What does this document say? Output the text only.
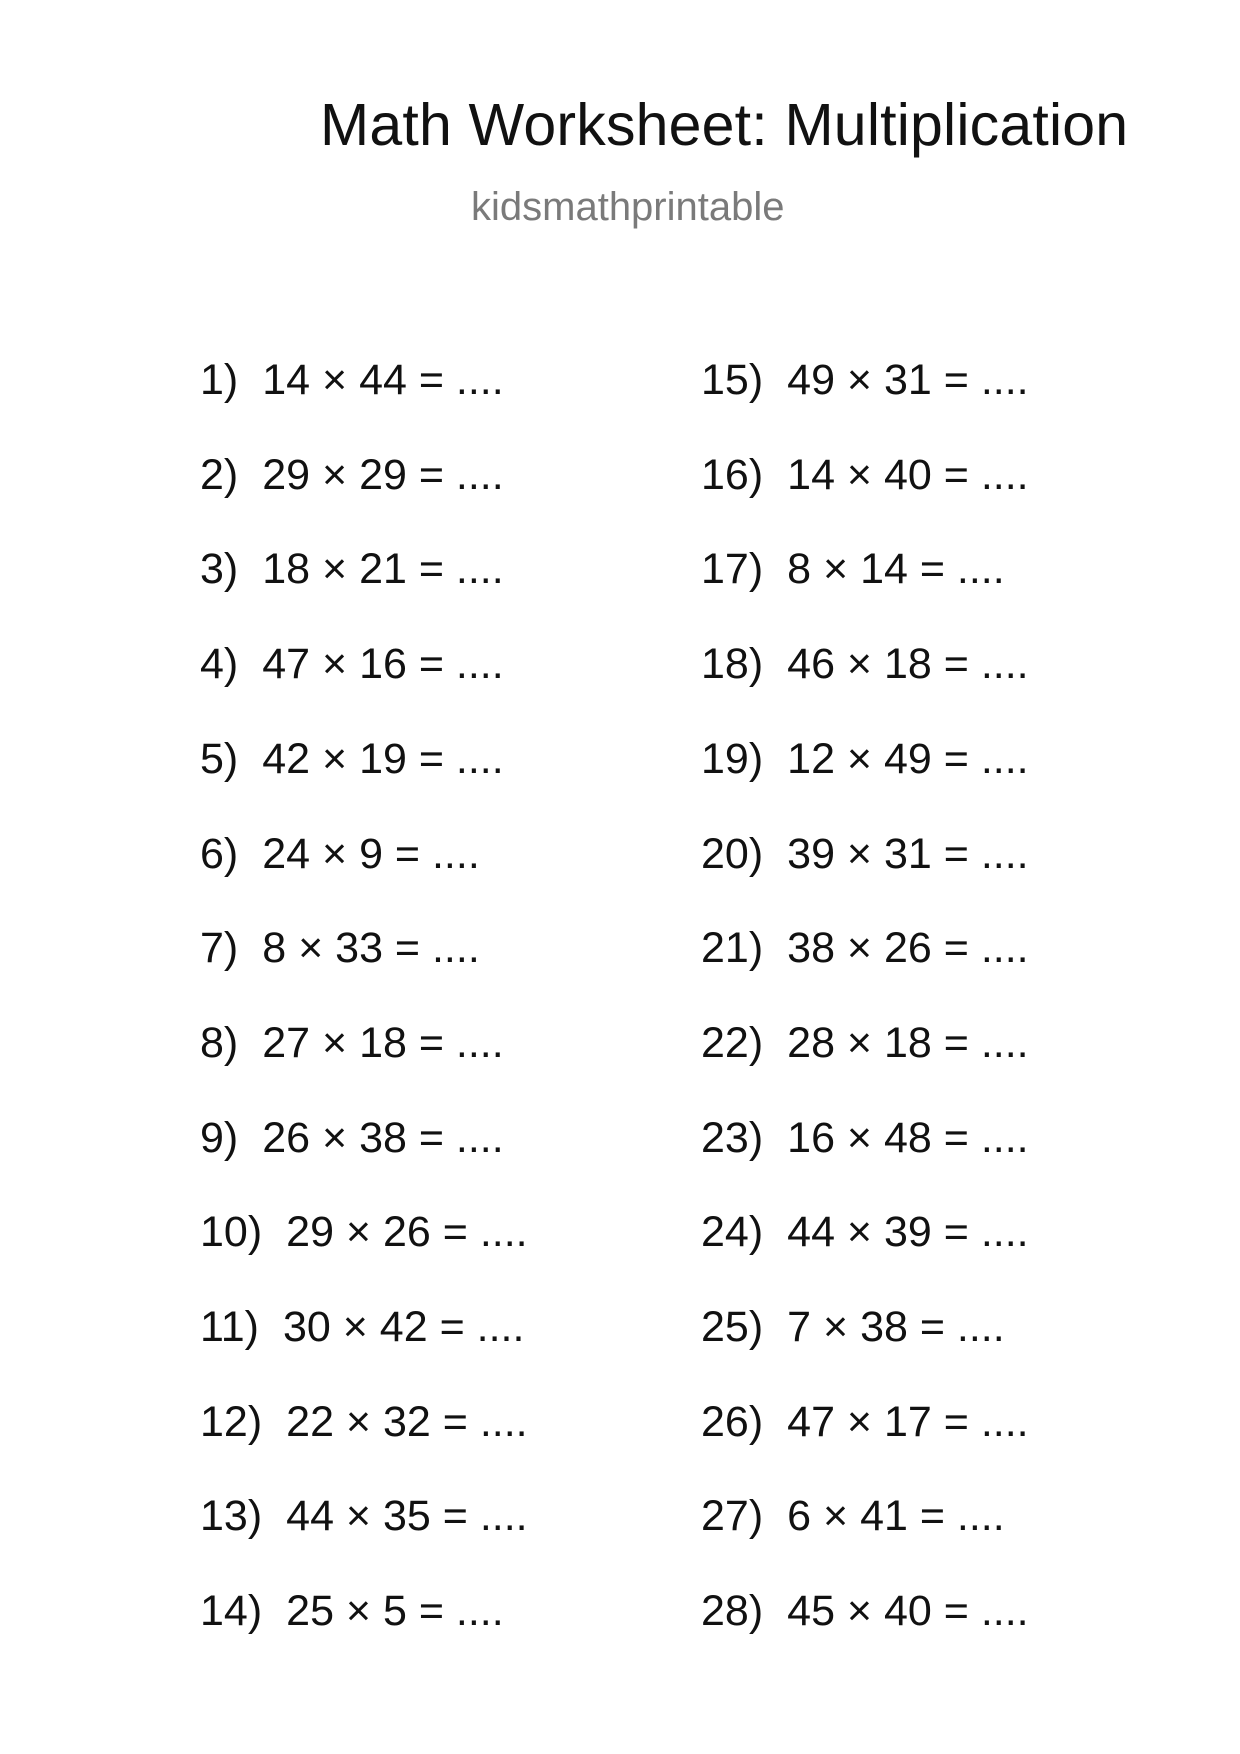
Math Worksheet: Multiplication
kidsmathprintable
1) 14 × 44 = ....
2) 29 × 29 = ....
3) 18 × 21 = ....
4) 47 × 16 = ....
5) 42 × 19 = ....
6) 24 × 9 = ....
7) 8 × 33 = ....
8) 27 × 18 = ....
9) 26 × 38 = ....
10) 29 × 26 = ....
11) 30 × 42 = ....
12) 22 × 32 = ....
13) 44 × 35 = ....
14) 25 × 5 = ....
15) 49 × 31 = ....
16) 14 × 40 = ....
17) 8 × 14 = ....
18) 46 × 18 = ....
19) 12 × 49 = ....
20) 39 × 31 = ....
21) 38 × 26 = ....
22) 28 × 18 = ....
23) 16 × 48 = ....
24) 44 × 39 = ....
25) 7 × 38 = ....
26) 47 × 17 = ....
27) 6 × 41 = ....
28) 45 × 40 = ....
